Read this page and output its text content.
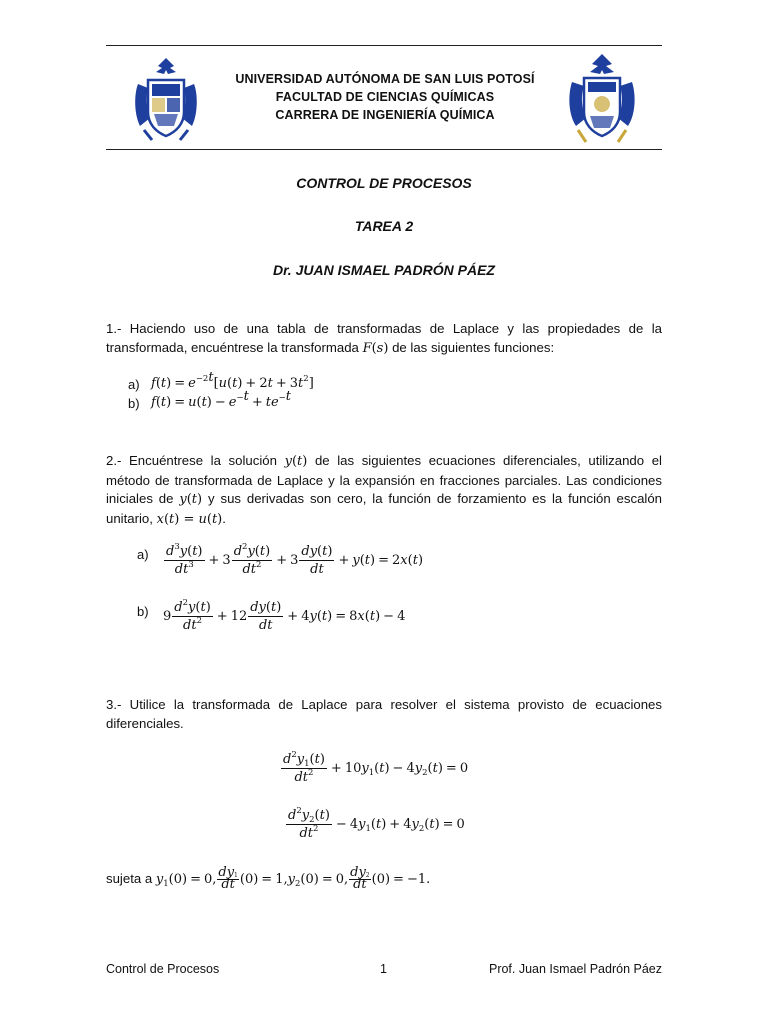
UNIVERSIDAD AUTÓNOMA DE SAN LUIS POTOSÍ
FACULTAD DE CIENCIAS QUÍMICAS
CARRERA DE INGENIERÍA QUÍMICA
CONTROL DE PROCESOS
TAREA 2
Dr. JUAN ISMAEL PADRÓN PÁEZ
1.- Haciendo uso de una tabla de transformadas de Laplace y las propiedades de la transformada, encuéntrese la transformada F(s) de las siguientes funciones:
a) $f(t) = e^{-2t}[u(t) + 2t + 3t^2]$
b) $f(t) = u(t) - e^{-t} + te^{-t}$
2.- Encuéntrese la solución y(t) de las siguientes ecuaciones diferenciales, utilizando el método de transformada de Laplace y la expansión en fracciones parciales. Las condiciones iniciales de y(t) y sus derivadas son cero, la función de forzamiento es la función escalón unitario, x(t) = u(t).
$a) \frac{d^3y(t)}{dt^3} + 3 \frac{d^2y(t)}{dt^2} + 3 \frac{dy(t)}{dt} + y(t) = 2x(t)$
b) $9 \frac{d^2y(t)}{dt^2} + 12 \frac{dy(t)}{dt} + 4y(t) = 8x(t) - 4$
3.- Utilice la transformada de Laplace para resolver el sistema provisto de ecuaciones diferenciales.
$\frac{d^2y_1(t)}{dt^2} + 10y_1(t) - 4y_2(t) = 0$
$\frac{d^2y_2(t)}{dt^2} - 4y_1(t) + 4y_2(t) = 0$
sujeta a $y_1(0) = 0$, $\frac{dy_1}{dt} (0) = 1,y_2(0) = 0$, $\frac{dy_2}{dt} (0) = -1$.
Control de Procesos	1	Prof. Juan Ismael Padrón Páez
